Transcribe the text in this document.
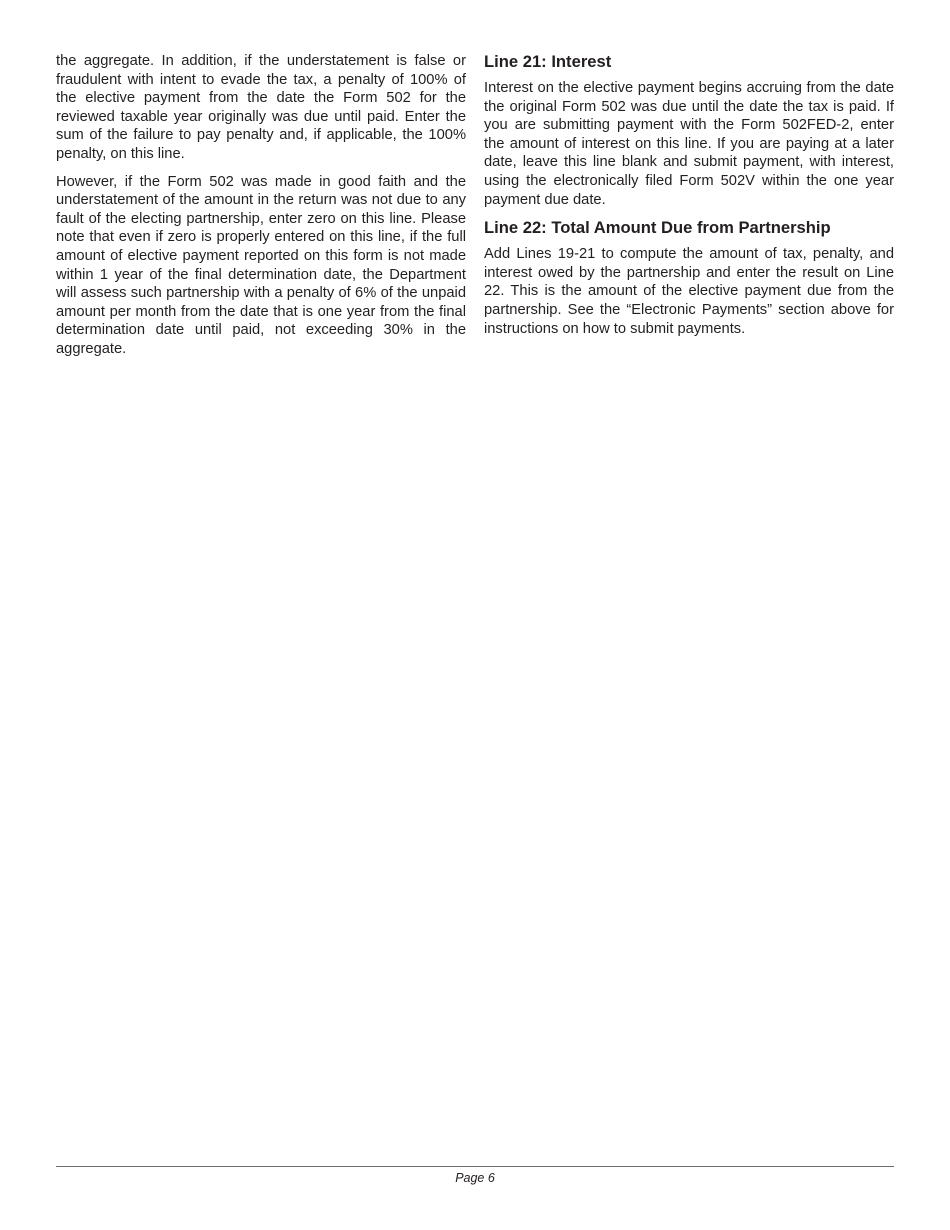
the aggregate. In addition, if the understatement is false or fraudulent with intent to evade the tax, a penalty of 100% of the elective payment from the date the Form 502 for the reviewed taxable year originally was due until paid. Enter the sum of the failure to pay penalty and, if applicable, the 100% penalty, on this line.

However, if the Form 502 was made in good faith and the understatement of the amount in the return was not due to any fault of the electing partnership, enter zero on this line. Please note that even if zero is properly entered on this line, if the full amount of elective payment reported on this form is not made within 1 year of the final determination date, the Department will assess such partnership with a penalty of 6% of the unpaid amount per month from the date that is one year from the final determination date until paid, not exceeding 30% in the aggregate.

Line 21: Interest

Interest on the elective payment begins accruing from the date the original Form 502 was due until the date the tax is paid. If you are submitting payment with the Form 502FED-2, enter the amount of interest on this line. If you are paying at a later date, leave this line blank and submit payment, with interest, using the electronically filed Form 502V within the one year payment due date.

Line 22: Total Amount Due from Partnership

Add Lines 19-21 to compute the amount of tax, penalty, and interest owed by the partnership and enter the result on Line 22. This is the amount of the elective payment due from the partnership. See the “Electronic Payments” section above for instructions on how to submit payments.

Page 6
